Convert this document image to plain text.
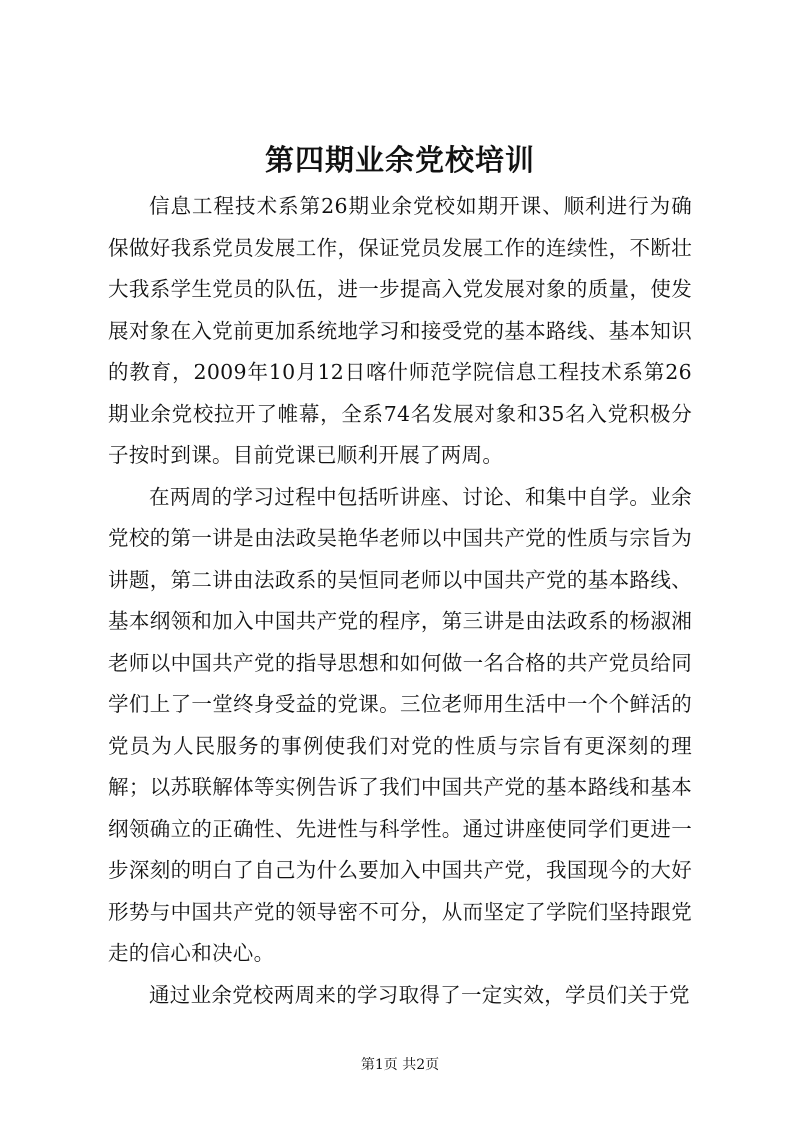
第四期业余党校培训

信息工程技术系第26期业余党校如期开课、顺利进行为确保做好我系党员发展工作，保证党员发展工作的连续性，不断壮大我系学生党员的队伍，进一步提高入党发展对象的质量，使发展对象在入党前更加系统地学习和接受党的基本路线、基本知识的教育，2009年10月12日喀什师范学院信息工程技术系第26期业余党校拉开了帷幕，全系74名发展对象和35名入党积极分子按时到课。目前党课已顺利开展了两周。

在两周的学习过程中包括听讲座、讨论、和集中自学。业余党校的第一讲是由法政吴艳华老师以中国共产党的性质与宗旨为讲题，第二讲由法政系的吴恒同老师以中国共产党的基本路线、基本纲领和加入中国共产党的程序，第三讲是由法政系的杨淑湘老师以中国共产党的指导思想和如何做一名合格的共产党员给同学们上了一堂终身受益的党课。三位老师用生活中一个个鲜活的党员为人民服务的事例使我们对党的性质与宗旨有更深刻的理解；以苏联解体等实例告诉了我们中国共产党的基本路线和基本纲领确立的正确性、先进性与科学性。通过讲座使同学们更进一步深刻的明白了自己为什么要加入中国共产党，我国现今的大好形势与中国共产党的领导密不可分，从而坚定了学院们坚持跟党走的信心和决心。

通过业余党校两周来的学习取得了一定实效，学员们关于党

第1页 共2页
